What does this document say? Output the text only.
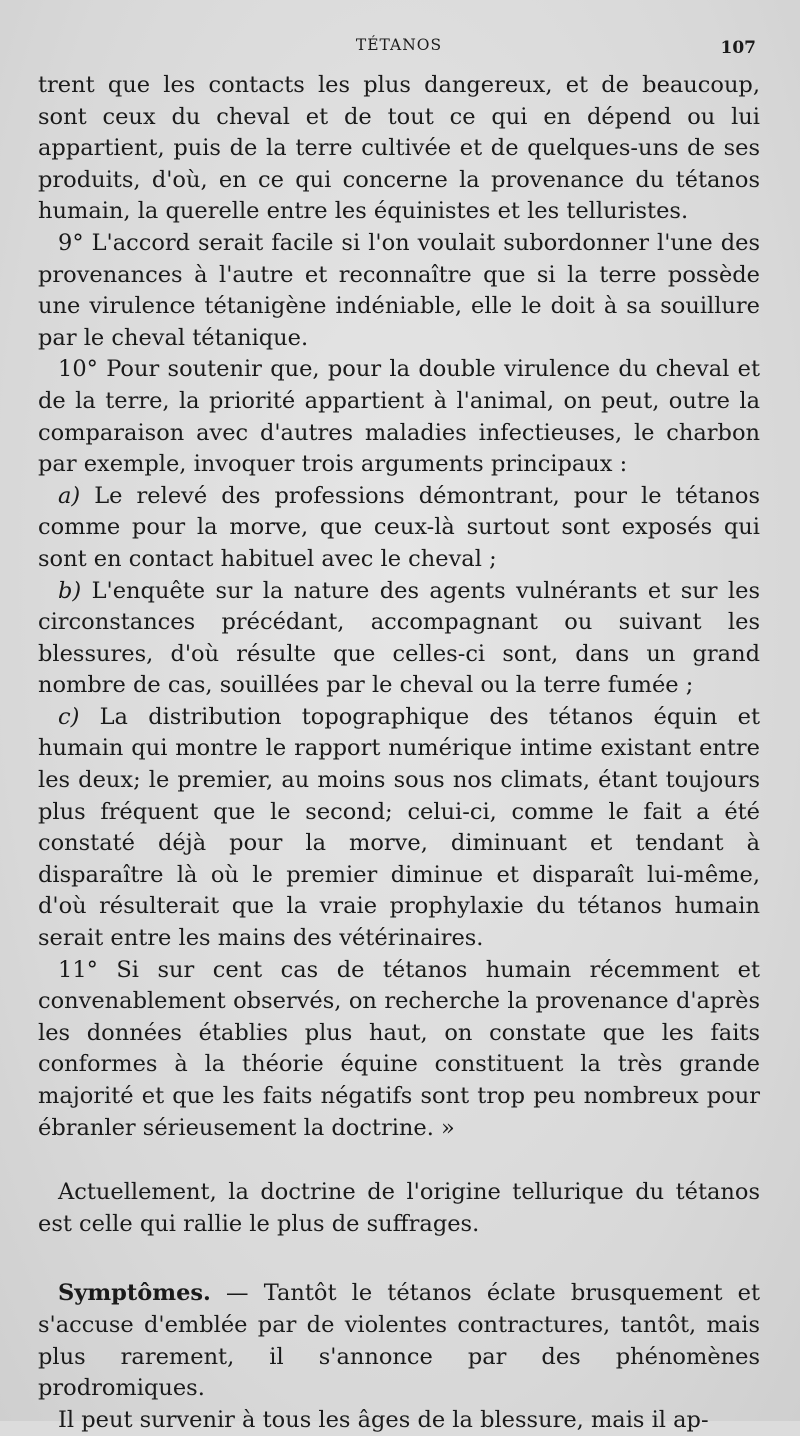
TÉTANOS	107

trent que les contacts les plus dangereux, et de beaucoup, sont ceux du cheval et de tout ce qui en dépend ou lui appartient, puis de la terre cultivée et de quelques-uns de ses produits, d'où, en ce qui concerne la provenance du tétanos humain, la querelle entre les équinistes et les telluristes.

9° L'accord serait facile si l'on voulait subordonner l'une des provenances à l'autre et reconnaître que si la terre possède une virulence tétanigène indéniable, elle le doit à sa souillure par le cheval tétanique.

10° Pour soutenir que, pour la double virulence du cheval et de la terre, la priorité appartient à l'animal, on peut, outre la comparaison avec d'autres maladies infectieuses, le charbon par exemple, invoquer trois arguments principaux :

a) Le relevé des professions démontrant, pour le tétanos comme pour la morve, que ceux-là surtout sont exposés qui sont en contact habituel avec le cheval ;

b) L'enquête sur la nature des agents vulnérants et sur les circonstances précédant, accompagnant ou suivant les blessures, d'où résulte que celles-ci sont, dans un grand nombre de cas, souillées par le cheval ou la terre fumée ;

c) La distribution topographique des tétanos équin et humain qui montre le rapport numérique intime existant entre les deux; le premier, au moins sous nos climats, étant toujours plus fréquent que le second; celui-ci, comme le fait a été constaté déjà pour la morve, diminuant et tendant à disparaître là où le premier diminue et disparaît lui-même, d'où résulterait que la vraie prophylaxie du tétanos humain serait entre les mains des vétérinaires.

11° Si sur cent cas de tétanos humain récemment et convenablement observés, on recherche la provenance d'après les données établies plus haut, on constate que les faits conformes à la théorie équine constituent la très grande majorité et que les faits négatifs sont trop peu nombreux pour ébranler sérieusement la doctrine. »

Actuellement, la doctrine de l'origine tellurique du tétanos est celle qui rallie le plus de suffrages.

Symptômes. — Tantôt le tétanos éclate brusquement et s'accuse d'emblée par de violentes contractures, tantôt, mais plus rarement, il s'annonce par des phénomènes prodromiques.

Il peut survenir à tous les âges de la blessure, mais il ap-
